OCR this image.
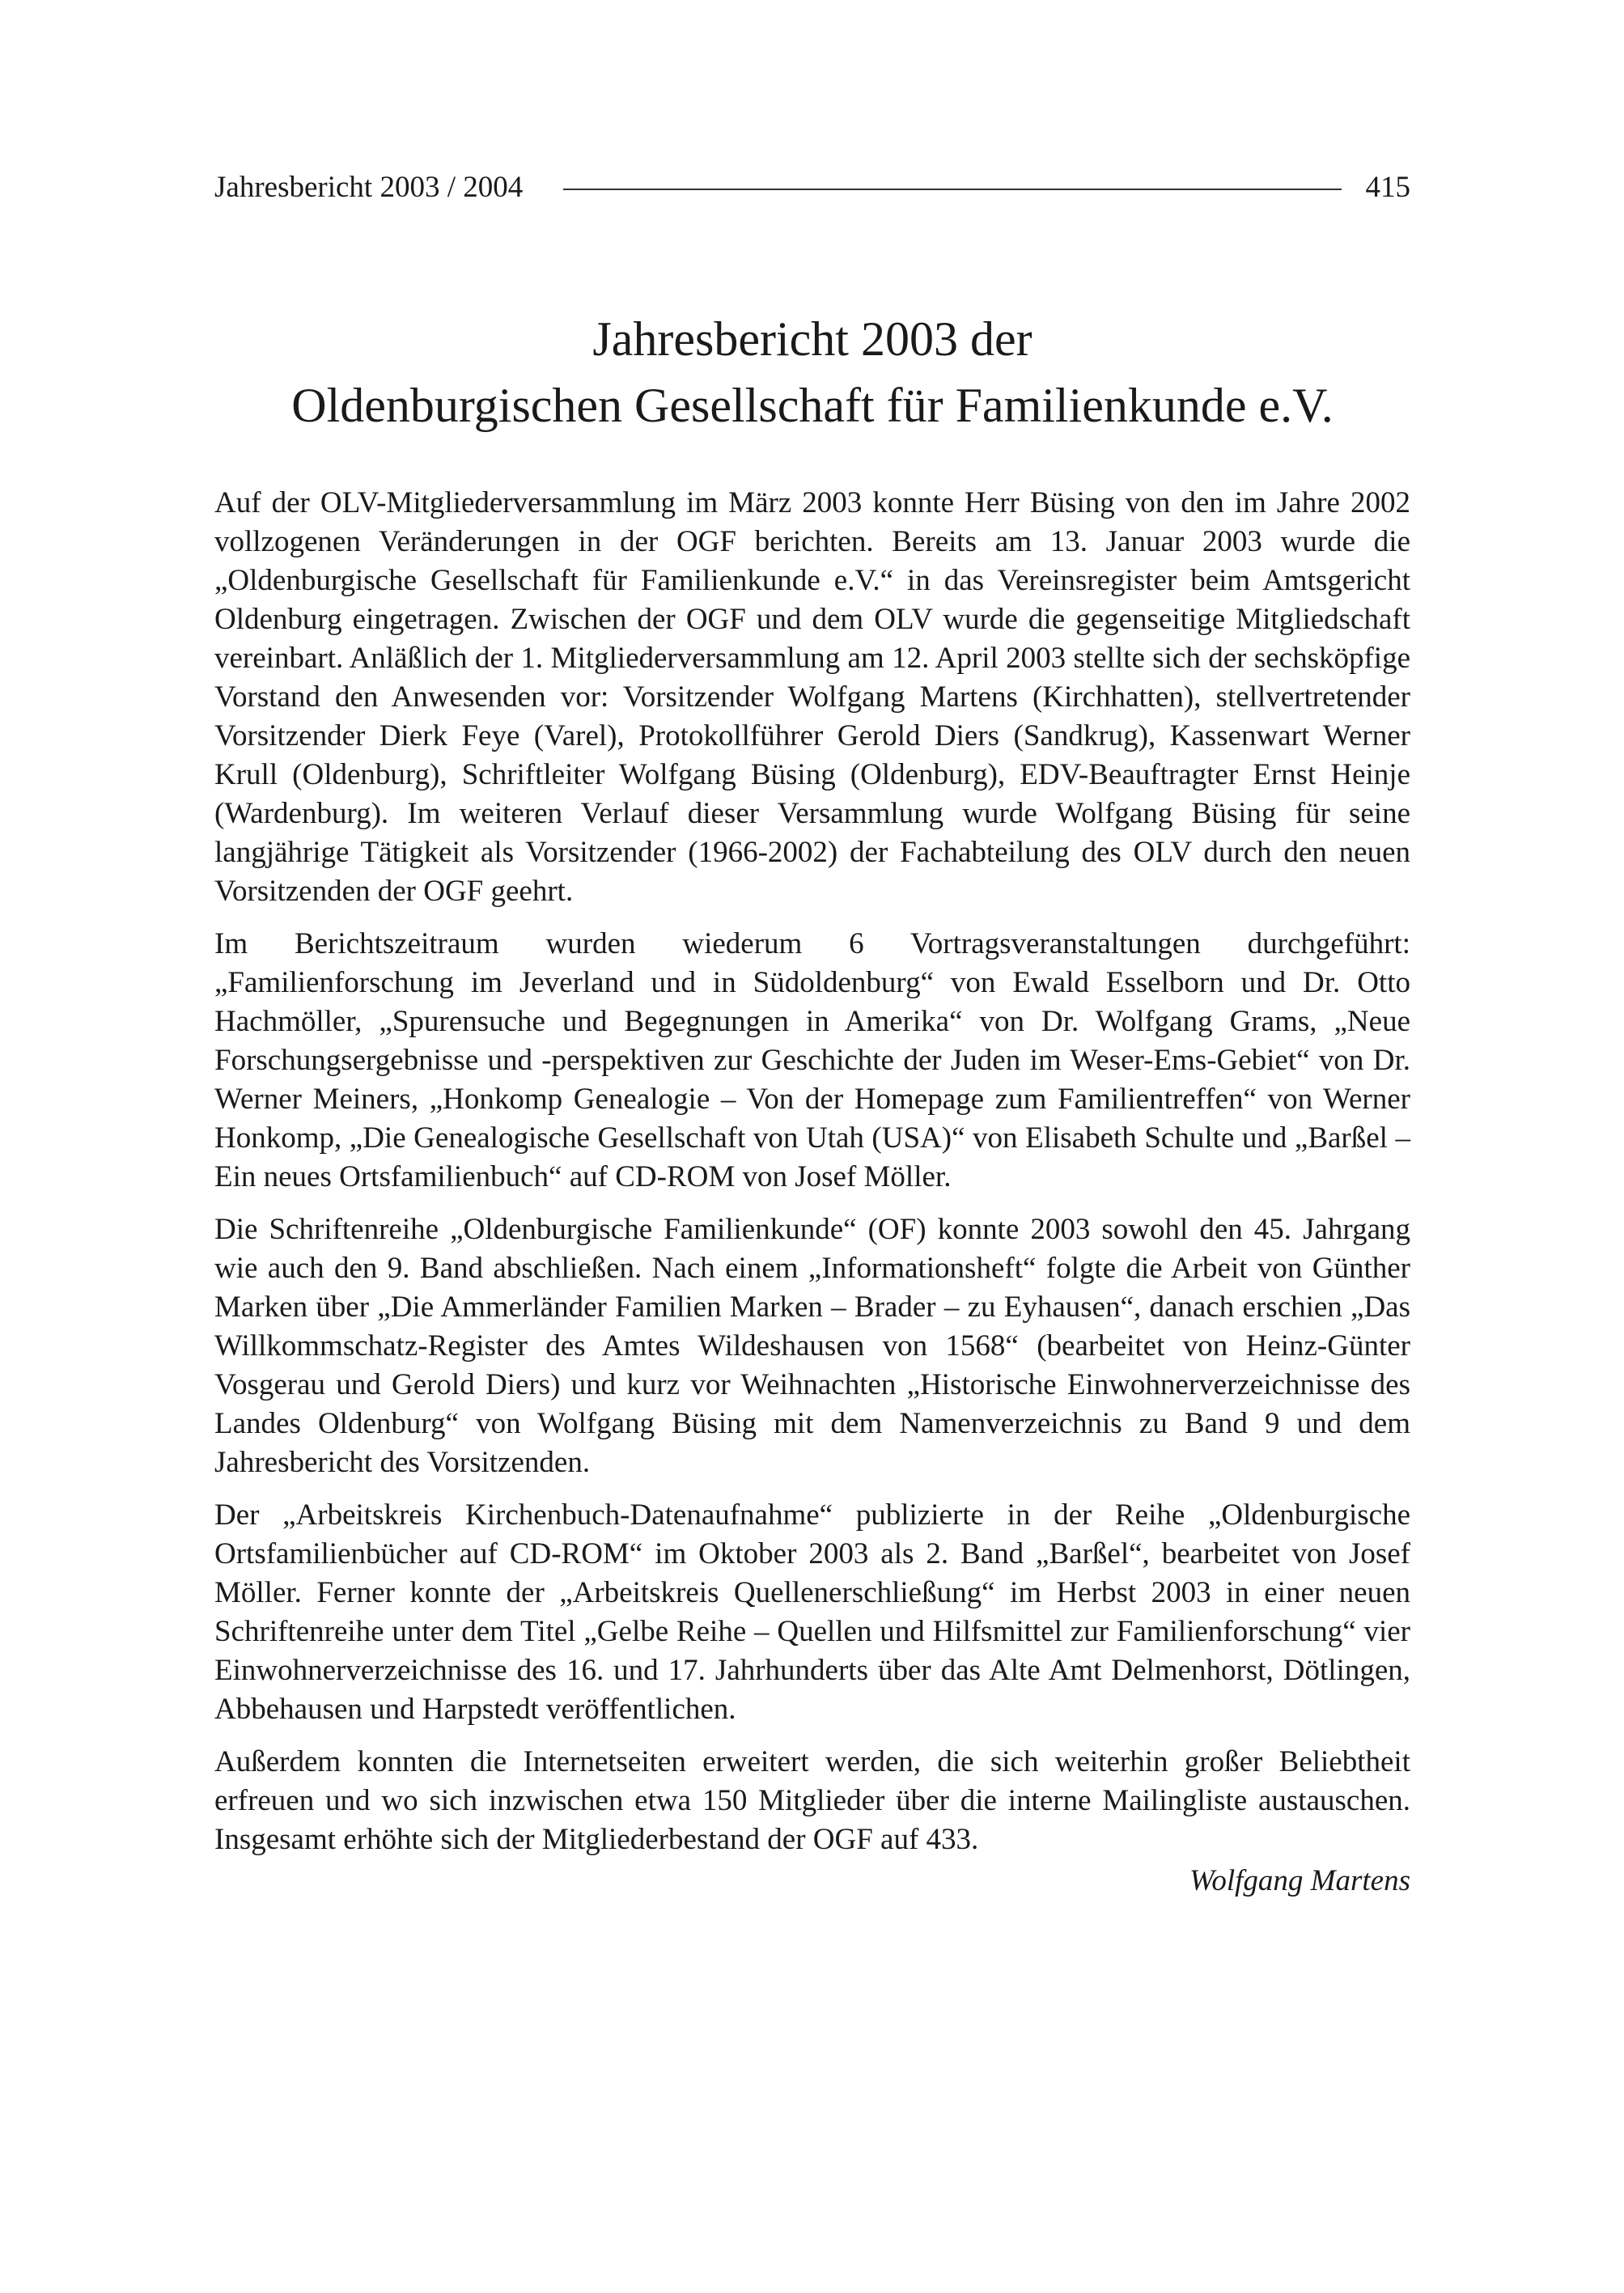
Jahresbericht 2003 / 2004	415
Jahresbericht 2003 der
Oldenburgischen Gesellschaft für Familienkunde e.V.

Auf der OLV-Mitgliederversammlung im März 2003 konnte Herr Büsing von den im Jahre 2002 vollzogenen Veränderungen in der OGF berichten. Bereits am 13. Januar 2003 wurde die „Oldenburgische Gesellschaft für Familienkunde e.V.“ in das Vereinsregister beim Amtsgericht Oldenburg eingetragen. Zwischen der OGF und dem OLV wurde die gegenseitige Mitgliedschaft vereinbart. Anläßlich der 1. Mitgliederversammlung am 12. April 2003 stellte sich der sechsköpfige Vorstand den Anwesenden vor: Vorsitzender Wolfgang Martens (Kirchhatten), stellvertretender Vorsitzender Dierk Feye (Varel), Protokollführer Gerold Diers (Sandkrug), Kassenwart Werner Krull (Oldenburg), Schriftleiter Wolfgang Büsing (Oldenburg), EDV-Beauftragter Ernst Heinje (Wardenburg). Im weiteren Verlauf dieser Versammlung wurde Wolfgang Büsing für seine langjährige Tätigkeit als Vorsitzender (1966-2002) der Fachabteilung des OLV durch den neuen Vorsitzenden der OGF geehrt.

Im Berichtszeitraum wurden wiederum 6 Vortragsveranstaltungen durchgeführt: „Familienforschung im Jeverland und in Südoldenburg“ von Ewald Esselborn und Dr. Otto Hachmöller, „Spurensuche und Begegnungen in Amerika“ von Dr. Wolfgang Grams, „Neue Forschungsergebnisse und -perspektiven zur Geschichte der Juden im Weser-Ems-Gebiet“ von Dr. Werner Meiners, „Honkomp Genealogie – Von der Homepage zum Familientreffen“ von Werner Honkomp, „Die Genealogische Gesellschaft von Utah (USA)“ von Elisabeth Schulte und „Barßel – Ein neues Ortsfamilienbuch“ auf CD-ROM von Josef Möller.

Die Schriftenreihe „Oldenburgische Familienkunde“ (OF) konnte 2003 sowohl den 45. Jahrgang wie auch den 9. Band abschließen. Nach einem „Informationsheft“ folgte die Arbeit von Günther Marken über „Die Ammerländer Familien Marken – Brader – zu Eyhausen“, danach erschien „Das Willkommschatz-Register des Amtes Wildeshausen von 1568“ (bearbeitet von Heinz-Günter Vosgerau und Gerold Diers) und kurz vor Weihnachten „Historische Einwohnerverzeichnisse des Landes Oldenburg“ von Wolfgang Büsing mit dem Namenverzeichnis zu Band 9 und dem Jahresbericht des Vorsitzenden.

Der „Arbeitskreis Kirchenbuch-Datenaufnahme“ publizierte in der Reihe „Oldenburgische Ortsfamilienbücher auf CD-ROM“ im Oktober 2003 als 2. Band „Barßel“, bearbeitet von Josef Möller. Ferner konnte der „Arbeitskreis Quellenerschließung“ im Herbst 2003 in einer neuen Schriftenreihe unter dem Titel „Gelbe Reihe – Quellen und Hilfsmittel zur Familienforschung“ vier Einwohnerverzeichnisse des 16. und 17. Jahrhunderts über das Alte Amt Delmenhorst, Dötlingen, Abbehausen und Harpstedt veröffentlichen.

Außerdem konnten die Internetseiten erweitert werden, die sich weiterhin großer Beliebtheit erfreuen und wo sich inzwischen etwa 150 Mitglieder über die interne Mailingliste austauschen. Insgesamt erhöhte sich der Mitgliederbestand der OGF auf 433.

Wolfgang Martens
